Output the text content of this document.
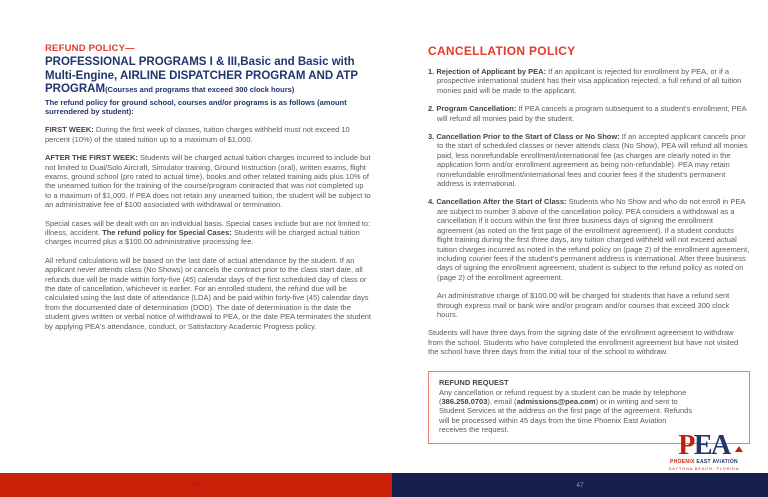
REFUND POLICY—
PROFESSIONAL PROGRAMS I & III,Basic and Basic with Multi-Engine, AIRLINE DISPATCHER PROGRAM AND ATP PROGRAM(Courses and programs that exceed 300 clock hours)

The refund policy for ground school, courses and/or programs is as follows (amount surrendered by student):

FIRST WEEK: During the first week of classes, tuition charges withheld must not exceed 10 percent (10%) of the stated tuition up to a maximum of $1,000.

AFTER THE FIRST WEEK: Students will be charged actual tuition charges incurred to include but not limited to Dual/Solo Aircraft, Simulator training, Ground Instruction (oral), written exams, flight exams, ground school (pro rated to actual time), books and other related training aids plus 10% of the unearned tuition for the training of the course/program contracted that was not completed up to a maximum of $1,000. If PEA does not retain any unearned tuition, the student will be subject to an administrative fee of $100 associated with withdrawal or termination.

Special cases will be dealt with on an individual basis. Special cases include but are not limited to: illness, accident. The refund policy for Special Cases: Students will be charged actual tuition charges incurred plus a $100.00 administrative processing fee.

All refund calculations will be based on the last date of actual attendance by the student. If an applicant never attends class (No Shows) or cancels the contract prior to the class start date, all refunds due will be made within forty-five (45) calendar days of the first scheduled day of class or the date of cancellation, whichever is earlier. For an enrolled student, the refund due will be calculated using the last date of attendance (LDA) and be paid within forty-five (45) calendar days from the documented date of determination (DOD). The date of determination is the date the student gives written or verbal notice of withdrawal to PEA, or the date PEA terminates the student by applying PEA's attendance, conduct, or Satisfactory Academic Progress policy.

CANCELLATION POLICY

1. Rejection of Applicant by PEA: If an applicant is rejected for enrollment by PEA, or if a prospective international student has their visa application rejected, a full refund of all tuition monies paid will be made to the applicant.

2. Program Cancellation: If PEA cancels a program subsequent to a student's enrollment, PEA will refund all monies paid by the student.

3. Cancellation Prior to the Start of Class or No Show: If an accepted applicant cancels prior to the start of scheduled classes or never attends class (No Show), PEA will refund all monies paid, less nonrefundable enrollment/international fee (as charges are clearly noted in the application form and/or enrollment agreement as being non-refundable). PEA may retain nonrefundable enrollment/international fees and courier fees if the student's permanent address is international.

4. Cancellation After the Start of Class: Students who No Show and who do not enroll in PEA are subject to number 3 above of the cancellation policy. PEA considers a withdrawal as a cancellation if it occurs within the first three business days of signing the enrollment agreement (as noted on the first page of the enrollment agreement). If a student conducts flight training during the first three days, any tuition charged withheld will not exceed actual tuition charges incurred as noted in the refund policy on (page 2) of the enrollment agreement, including courier fees if the student's permanent address is international. After three business days of signing the enrollment agreement, student is subject to the refund policy as noted on (page 2) of the enrollment agreement.

An administrative charge of $100.00 will be charged for students that have a refund sent through express mail or bank wire and/or program and/or courses that exceed 300 clock hours.

Students will have three days from the signing date of the enrollment agreement to withdraw from the school. Students who have completed the enrollment agreement but have not visited the school have three days from the initial tour of the school to withdraw.

REFUND REQUEST

Any cancellation or refund request by a student can be made by telephone (386.258.0703), email (admissions@pea.com) or in writing and sent to Student Services at the address on the first page of the agreement. Refunds will be processed within 45 days from the time Phoenix East Aviation receives the request.

PEA
PHOENIX EAST AVIATION
DAYTONA BEACH, FLORIDA
46	47
